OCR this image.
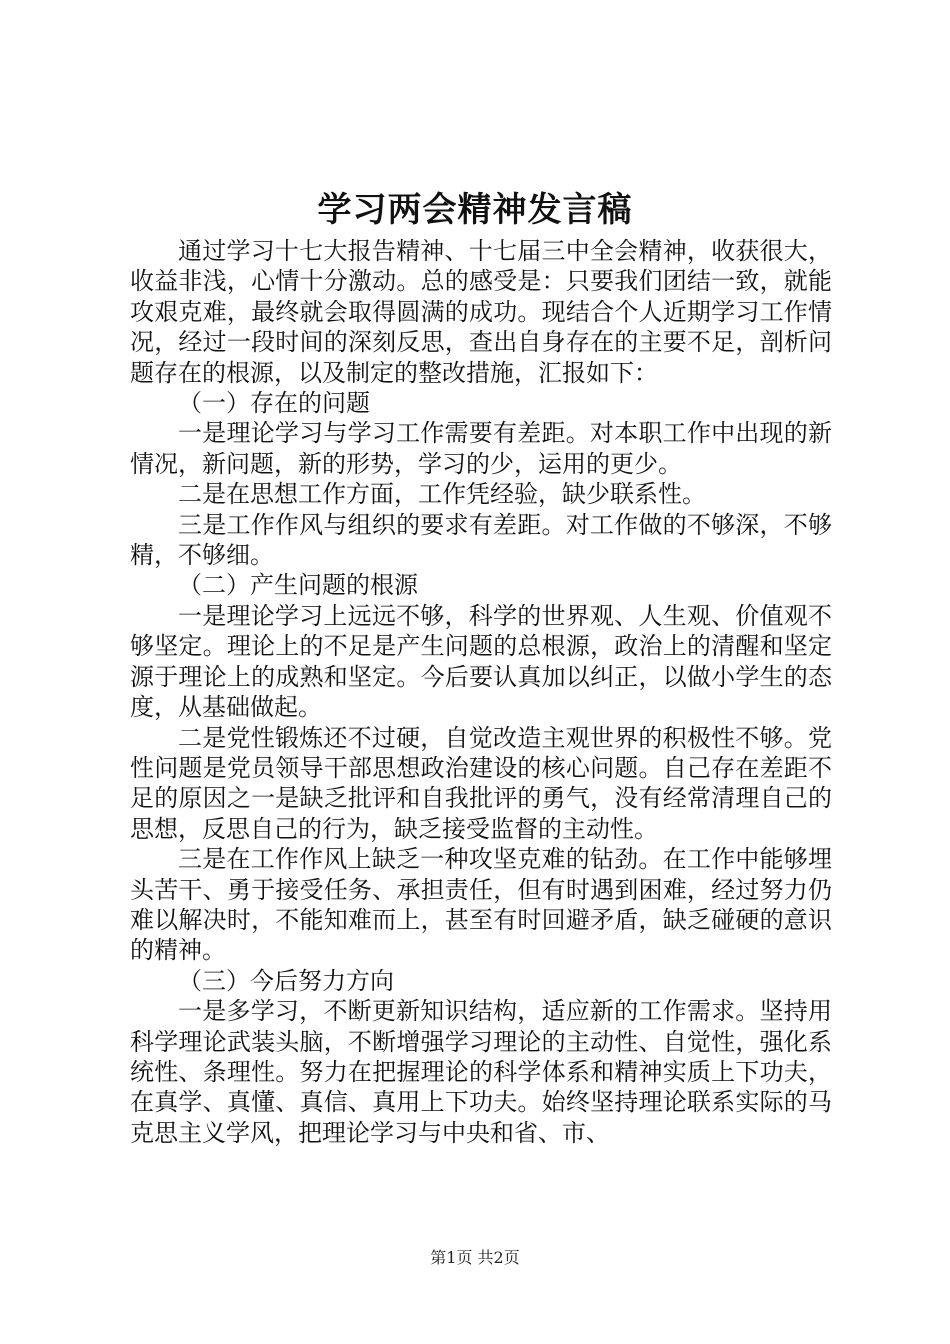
学习两会精神发言稿

通过学习十七大报告精神、十七届三中全会精神，收获很大，收益非浅，心情十分激动。总的感受是：只要我们团结一致，就能攻艰克难，最终就会取得圆满的成功。现结合个人近期学习工作情况，经过一段时间的深刻反思，查出自身存在的主要不足，剖析问题存在的根源，以及制定的整改措施，汇报如下：

（一）存在的问题

一是理论学习与学习工作需要有差距。对本职工作中出现的新情况，新问题，新的形势，学习的少，运用的更少。

二是在思想工作方面，工作凭经验，缺少联系性。

三是工作作风与组织的要求有差距。对工作做的不够深，不够精，不够细。

（二）产生问题的根源

一是理论学习上远远不够，科学的世界观、人生观、价值观不够坚定。理论上的不足是产生问题的总根源，政治上的清醒和坚定源于理论上的成熟和坚定。今后要认真加以纠正，以做小学生的态度，从基础做起。

二是党性锻炼还不过硬，自觉改造主观世界的积极性不够。党性问题是党员领导干部思想政治建设的核心问题。自己存在差距不足的原因之一是缺乏批评和自我批评的勇气，没有经常清理自己的思想，反思自己的行为，缺乏接受监督的主动性。

三是在工作作风上缺乏一种攻坚克难的钻劲。在工作中能够埋头苦干、勇于接受任务、承担责任，但有时遇到困难，经过努力仍难以解决时，不能知难而上，甚至有时回避矛盾，缺乏碰硬的意识的精神。

（三）今后努力方向

一是多学习，不断更新知识结构，适应新的工作需求。坚持用科学理论武装头脑，不断增强学习理论的主动性、自觉性，强化系统性、条理性。努力在把握理论的科学体系和精神实质上下功夫，在真学、真懂、真信、真用上下功夫。始终坚持理论联系实际的马克思主义学风，把理论学习与中央和省、市、

第1页 共2页
